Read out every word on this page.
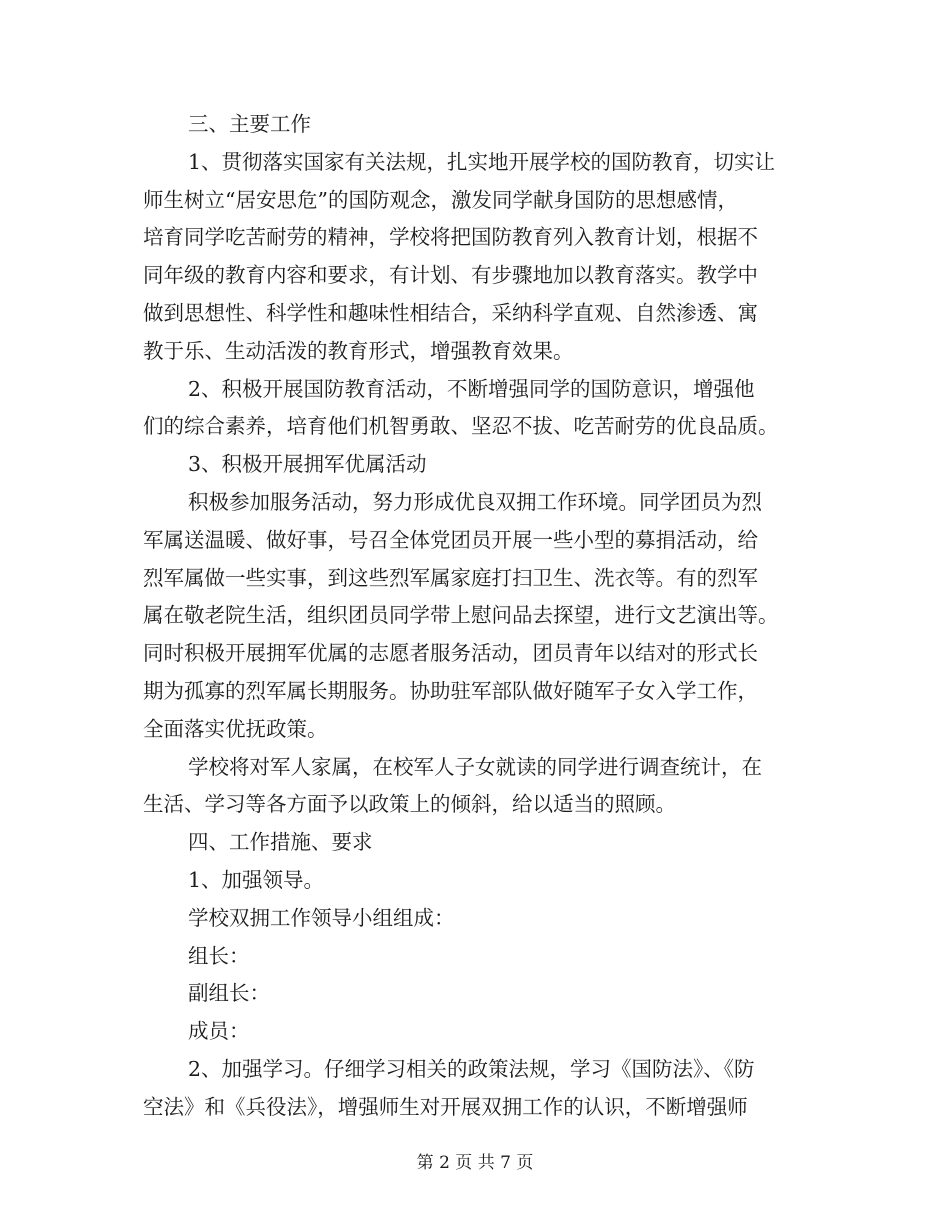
三、主要工作
1、贯彻落实国家有关法规，扎实地开展学校的国防教育，切实让
师生树立“居安思危”的国防观念，激发同学献身国防的思想感情，
培育同学吃苦耐劳的精神，学校将把国防教育列入教育计划，根据不
同年级的教育内容和要求，有计划、有步骤地加以教育落实。教学中
做到思想性、科学性和趣味性相结合，采纳科学直观、自然渗透、寓
教于乐、生动活泼的教育形式，增强教育效果。
2、积极开展国防教育活动，不断增强同学的国防意识，增强他
们的综合素养，培育他们机智勇敢、坚忍不拔、吃苦耐劳的优良品质。
3、积极开展拥军优属活动
积极参加服务活动，努力形成优良双拥工作环境。同学团员为烈
军属送温暖、做好事，号召全体党团员开展一些小型的募捐活动，给
烈军属做一些实事，到这些烈军属家庭打扫卫生、洗衣等。有的烈军
属在敬老院生活，组织团员同学带上慰问品去探望，进行文艺演出等。
同时积极开展拥军优属的志愿者服务活动，团员青年以结对的形式长
期为孤寡的烈军属长期服务。协助驻军部队做好随军子女入学工作，
全面落实优抚政策。
学校将对军人家属，在校军人子女就读的同学进行调查统计，在
生活、学习等各方面予以政策上的倾斜，给以适当的照顾。
四、工作措施、要求
1、加强领导。
学校双拥工作领导小组组成：
组长：
副组长：
成员：
2、加强学习。仔细学习相关的政策法规，学习《国防法》、《防
空法》和《兵役法》，增强师生对开展双拥工作的认识，不断增强师
第 2 页 共 7 页
